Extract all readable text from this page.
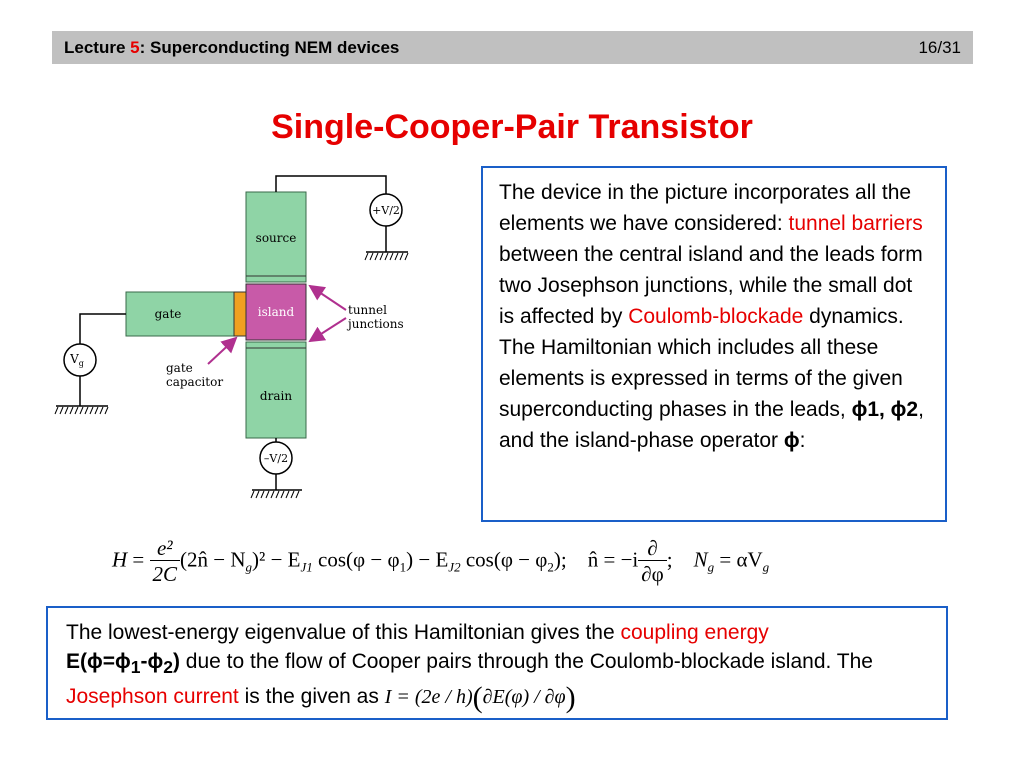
Lecture 5: Superconducting NEM devices	16/31
Single-Cooper-Pair Transistor
source
island
drain
gate
+V/2
–V/2
$V_g$
tunnel
junctions
gate
capacitor
The device in the picture incorporates all the elements we have considered: tunnel barriers between the central island and the leads form two Josephson junctions, while the small dot is affected by Coulomb-blockade dynamics. The Hamiltonian which includes all these elements is expressed in terms of the given superconducting phases in the leads, ϕ1, ϕ2, and the island-phase operator ϕ:
$H = \frac{\text{e²}}{2C}$ (2n̂ − $N_g)^2 - E_{J1}$ $\cos(\varphi - \varphi_1) - E_{J2}$ $\cos(\varphi - \varphi_2)$; n̂ = −i ∂
∂φ
; $N_g = \alpha V_g$
The lowest-energy eigenvalue of this Hamiltonian gives the coupling energy
$E(\phi=\phi_1-\phi_2)$ due to the flow of Cooper pairs through the Coulomb-blockade island. The Josephson current is the given as I = (2e / h)(∂E(φ) / ∂φ)
